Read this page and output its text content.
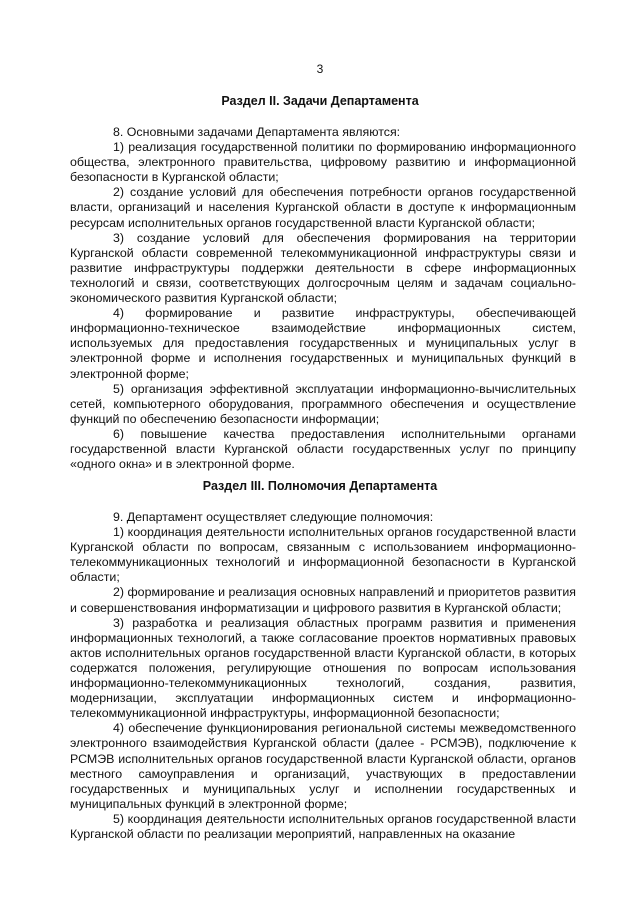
3
Раздел II. Задачи Департамента

8. Основными задачами Департамента являются:

1) реализация государственной политики по формированию информационного общества, электронного правительства, цифровому развитию и информационной безопасности в Курганской области;

2) создание условий для обеспечения потребности органов государственной власти, организаций и населения Курганской области в доступе к информационным ресурсам исполнительных органов государственной власти Курганской области;

3) создание условий для обеспечения формирования на территории Курганской области современной телекоммуникационной инфраструктуры связи и развитие инфраструктуры поддержки деятельности в сфере информационных технологий и связи, соответствующих долгосрочным целям и задачам социально-экономического развития Курганской области;

4) формирование и развитие инфраструктуры, обеспечивающей информационно-техническое взаимодействие информационных систем, используемых для предоставления государственных и муниципальных услуг в электронной форме и исполнения государственных и муниципальных функций в электронной форме;

5) организация эффективной эксплуатации информационно-вычислительных сетей, компьютерного оборудования, программного обеспечения и осуществление функций по обеспечению безопасности информации;

6) повышение качества предоставления исполнительными органами государственной власти Курганской области государственных услуг по принципу «одного окна» и в электронной форме.

Раздел III. Полномочия Департамента

9. Департамент осуществляет следующие полномочия:

1) координация деятельности исполнительных органов государственной власти Курганской области по вопросам, связанным с использованием информационно-телекоммуникационных технологий и информационной безопасности в Курганской области;

2) формирование и реализация основных направлений и приоритетов развития и совершенствования информатизации и цифрового развития в Курганской области;

3) разработка и реализация областных программ развития и применения информационных технологий, а также согласование проектов нормативных правовых актов исполнительных органов государственной власти Курганской области, в которых содержатся положения, регулирующие отношения по вопросам использования информационно-телекоммуникационных технологий, создания, развития, модернизации, эксплуатации информационных систем и информационно-телекоммуникационной инфраструктуры, информационной безопасности;

4) обеспечение функционирования региональной системы межведомственного электронного взаимодействия Курганской области (далее - РСМЭВ), подключение к РСМЭВ исполнительных органов государственной власти Курганской области, органов местного самоуправления и организаций, участвующих в предоставлении государственных и муниципальных услуг и исполнении государственных и муниципальных функций в электронной форме;

5) координация деятельности исполнительных органов государственной власти Курганской области по реализации мероприятий, направленных на оказание
